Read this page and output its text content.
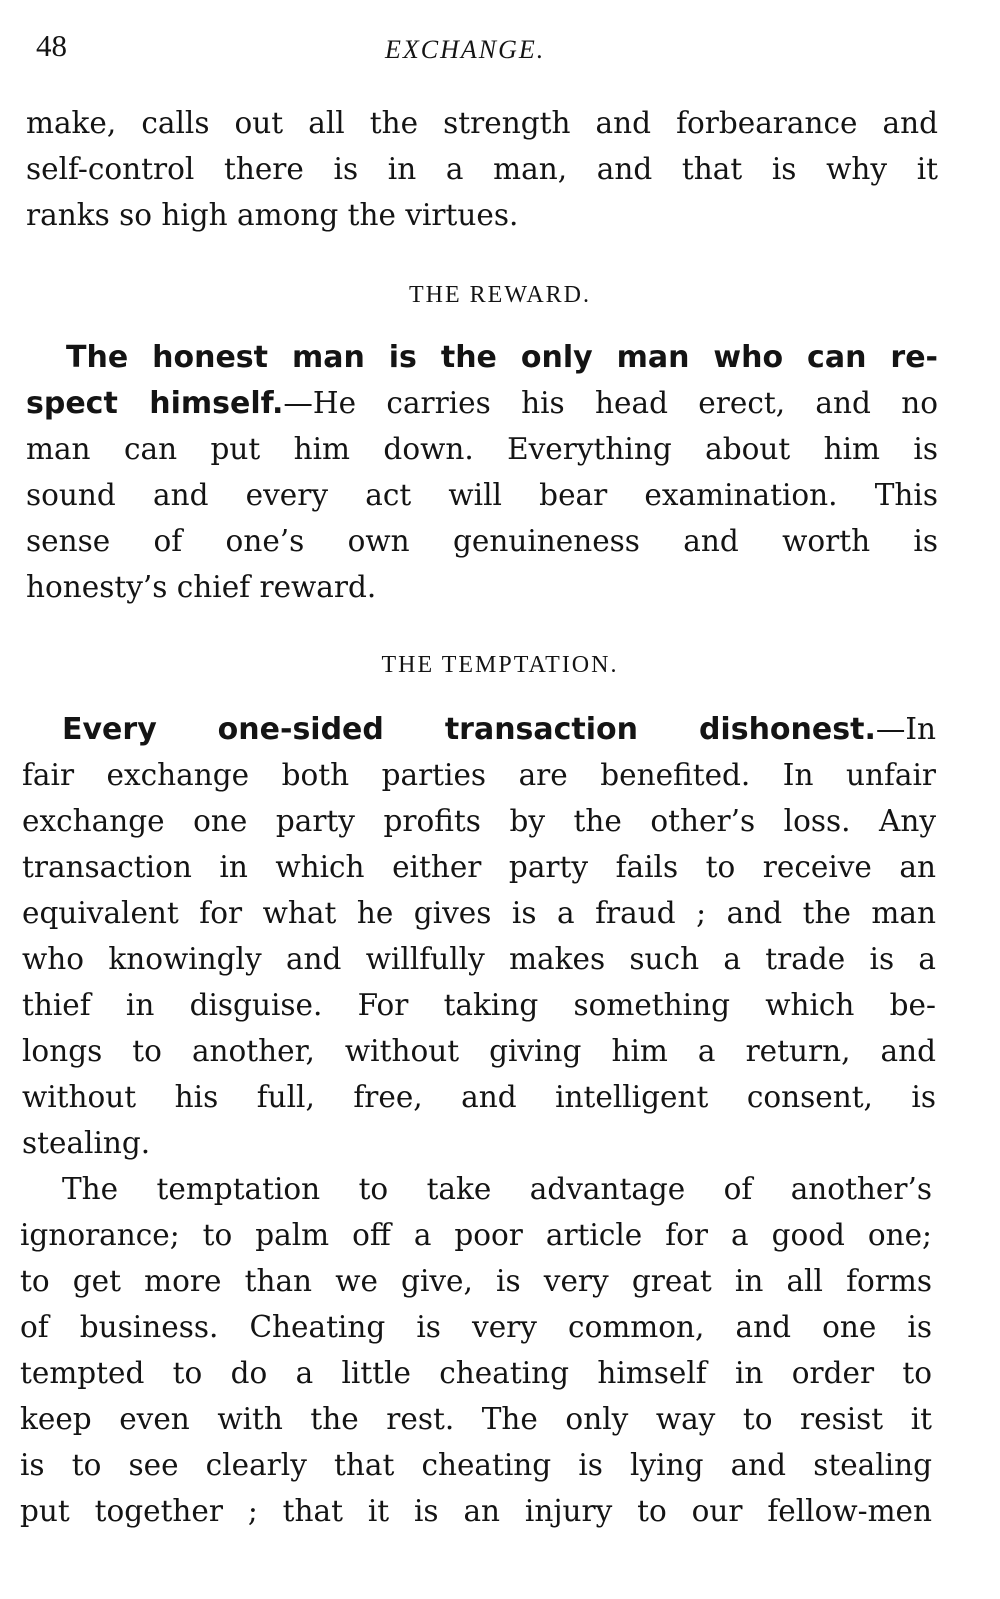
48	EXCHANGE.
make, calls out all the strength and forbearance and
self-control there is in a man, and that is why it
ranks so high among the virtues.
THE REWARD.
The honest man is the only man who can re-
spect himself.—He carries his head erect, and no
man can put him down. Everything about him is
sound and every act will bear examination. This
sense of one’s own genuineness and worth is
honesty’s chief reward.
THE TEMPTATION.
Every one-sided transaction dishonest.—In
fair exchange both parties are benefited. In unfair
exchange one party profits by the other’s loss. Any
transaction in which either party fails to receive an
equivalent for what he gives is a fraud ; and the man
who knowingly and willfully makes such a trade is a
thief in disguise. For taking something which be-
longs to another, without giving him a return, and
without his full, free, and intelligent consent, is
stealing.
The temptation to take advantage of another’s
ignorance; to palm off a poor article for a good one;
to get more than we give, is very great in all forms
of business. Cheating is very common, and one is
tempted to do a little cheating himself in order to
keep even with the rest. The only way to resist it
is to see clearly that cheating is lying and stealing
put together ; that it is an injury to our fellow-men
